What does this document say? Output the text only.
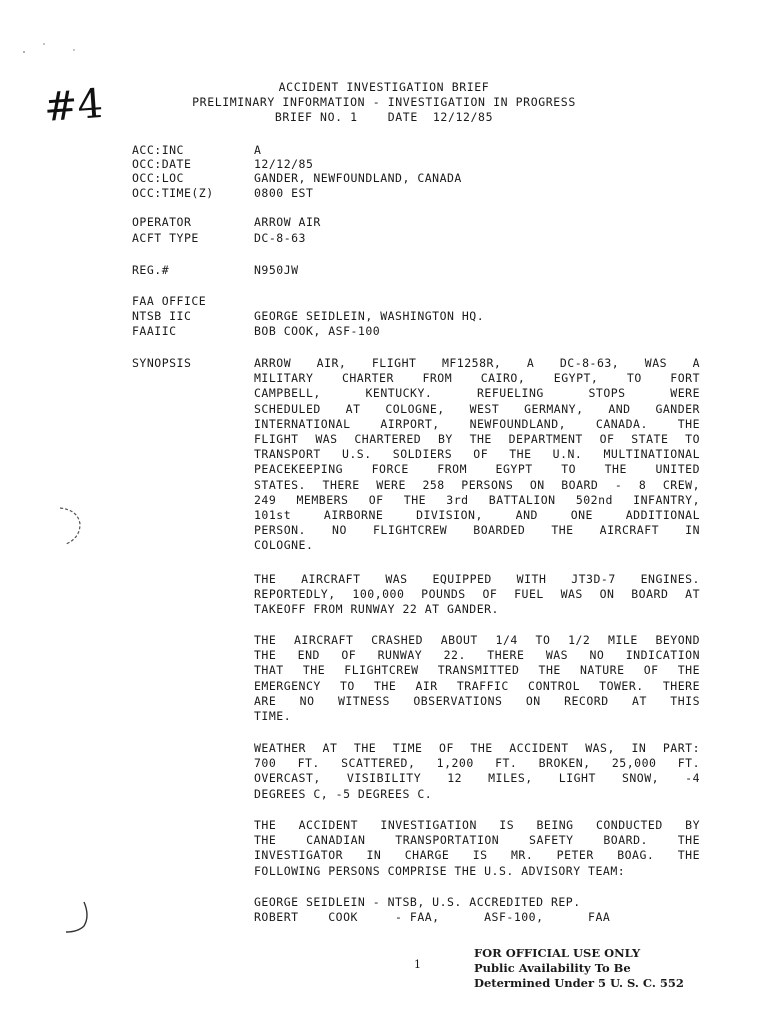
#4	ACCIDENT INVESTIGATION BRIEF
PRELIMINARY INFORMATION - INVESTIGATION IN PROGRESS
BRIEF NO. 1    DATE  12/12/85
ACC:INC	A
OCC:DATE	12/12/85
OCC:LOC	GANDER, NEWFOUNDLAND, CANADA
OCC:TIME(Z)	0800 EST
OPERATOR	ARROW AIR
ACFT TYPE	DC-8-63
REG.#	N950JW
FAA OFFICE
NTSB IIC	GEORGE SEIDLEIN, WASHINGTON HQ.
FAAIIC	BOB COOK, ASF-100
SYNOPSIS	ARROW AIR, FLIGHT MF1258R, A DC-8-63, WAS A
MILITARY CHARTER FROM CAIRO, EGYPT, TO FORT
CAMPBELL, KENTUCKY. REFUELING STOPS WERE
SCHEDULED AT COLOGNE, WEST GERMANY, AND GANDER
INTERNATIONAL AIRPORT, NEWFOUNDLAND, CANADA. THE
FLIGHT WAS CHARTERED BY THE DEPARTMENT OF STATE TO
TRANSPORT U.S. SOLDIERS OF THE U.N. MULTINATIONAL
PEACEKEEPING FORCE FROM EGYPT TO THE UNITED
STATES. THERE WERE 258 PERSONS ON BOARD - 8 CREW,
249 MEMBERS OF THE 3rd BATTALION 502nd INFANTRY,
101st AIRBORNE DIVISION, AND ONE ADDITIONAL
PERSON. NO FLIGHTCREW BOARDED THE AIRCRAFT IN
COLOGNE.
THE AIRCRAFT WAS EQUIPPED WITH JT3D-7 ENGINES.
REPORTEDLY, 100,000 POUNDS OF FUEL WAS ON BOARD AT
TAKEOFF FROM RUNWAY 22 AT GANDER.
THE AIRCRAFT CRASHED ABOUT 1/4 TO 1/2 MILE BEYOND
THE END OF RUNWAY 22. THERE WAS NO INDICATION
THAT THE FLIGHTCREW TRANSMITTED THE NATURE OF THE
EMERGENCY TO THE AIR TRAFFIC CONTROL TOWER. THERE
ARE NO WITNESS OBSERVATIONS ON RECORD AT THIS
TIME.
WEATHER AT THE TIME OF THE ACCIDENT WAS, IN PART:
700 FT. SCATTERED, 1,200 FT. BROKEN, 25,000 FT.
OVERCAST, VISIBILITY 12 MILES, LIGHT SNOW, -4
DEGREES C, -5 DEGREES C.
THE ACCIDENT INVESTIGATION IS BEING CONDUCTED BY
THE CANADIAN TRANSPORTATION SAFETY BOARD. THE
INVESTIGATOR IN CHARGE IS MR. PETER BOAG. THE
FOLLOWING PERSONS COMPRISE THE U.S. ADVISORY TEAM:
GEORGE SEIDLEIN - NTSB, U.S. ACCREDITED REP.
ROBERT    COOK     - FAA,      ASF-100,      FAA
1
FOR OFFICIAL USE ONLY
Public Availability To Be
Determined Under 5 U. S. C. 552
